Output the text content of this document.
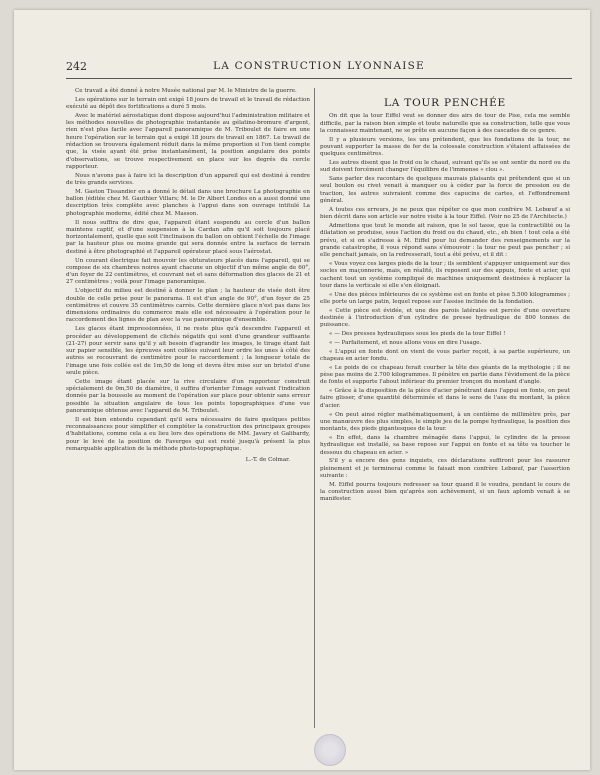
242	LA CONSTRUCTION LYONNAISE

Ce travail a été donné à notre Musée national par M. le Ministre de la guerre.

Les opérations sur le terrain ont exigé 18 jours de travail et le travail de rédaction exécuté au dépôt des fortifications a duré 5 mois.

Avec le matériel aérostatique dont dispose aujourd'hui l'administration militaire et les méthodes nouvelles de photographie instantanée au gélatino-bromure d'argent, rien n'est plus facile avec l'appareil panoramique de M. Triboulet de faire en une heure l'opération sur le terrain qui a exigé 18 jours de travail en 1867. Le travail de rédaction se trouvera également réduit dans la même proportion si l'on tient compte que, la visée ayant été prise instantanément, la position angulaire des points d'observations, se trouve respectivement en place sur les degrés du cercle rapporteur.

Nous n'avons pas à faire ici la description d'un appareil qui est destiné à rendre de très grands services.

M. Gaston Tissandier en a donné le détail dans une brochure La photographie en ballon (éditée chez M. Gauthier Villars; M. le Dr Albert Londes en a aussi donné une description très complète avec planches à l'appui dans son ouvrage intitulé La photographie moderne, édité chez M. Masson.

Il nous suffira de dire que, l'appareil étant suspendu au cercle d'un ballon maintenu captif, et d'une suspension à la Cardan afin qu'il soit toujours placé horizontalement, quelle que soit l'inclinaison du ballon on obtient l'échelle de l'image par la hauteur plus ou moins grande qui sera donnée entre la surface de terrain destiné à être photographié et l'appareil opérateur placé sous l'aérostat.

Un courant électrique fait mouvoir les obturateurs placés dans l'appareil, qui se compose de six chambres noires ayant chacune un objectif d'un même angle de 60°, d'un foyer de 22 centimètres, et couvrant net et sans déformation des glaces de 21 et 27 centimètres ; voilà pour l'image panoramique.

L'objectif du milieu est destiné à donner le plan ; la hauteur de visée doit être double de celle prise pour le panorama. Il est d'un angle de 90°, d'un foyer de 25 centimètres et couvre 35 centimètres carrés. Cette dernière glace n'est pas dans les dimensions ordinaires du commerce mais elle est nécessaire à l'opération pour le raccordement des lignes de plan avec la vue panoramique d'ensemble.

Les glaces étant impressionnées, il ne reste plus qu'à descendre l'appareil et procéder au développement de clichés négatifs qui sont d'une grandeur suffisante (21-27) pour servir sans qu'il y ait besoin d'agrandir les images, le tirage étant fait sur papier sensible, les épreuves sont collées suivant leur ordre les unes à côté des autres se recouvrant de centimètre pour le raccordement ; la longueur totale de l'image une fois collée est de 1m,50 de long et devra être mise sur un bristol d'une seule pièce.

Cette image étant placée sur la rive circulaire d'un rapporteur construit spécialement de 0m,50 de diamètre, il suffira d'orienter l'image suivant l'indication donnée par la boussole au moment de l'opération sur place pour obtenir sans erreur possible la situation angulaire de tous les points topographiques d'une vue panoramique obtenue avec l'appareil de M. Triboulet.

Il est bien entendu cependant qu'il sera nécessaire de faire quelques petites reconnaissances pour simplifier et compléter la construction des principaux groupes d'habitations, comme cela a eu lieu lors des opérations de MM. Javary et Galibardy, pour le levé de la position de Faverges qui est resté jusqu'à présent la plus remarquable application de la méthode photo-topographique.

L.-T. de Colmar.

LA TOUR PENCHÉE

On dit que la tour Eiffel veut se donner des airs de tour de Pise, cela me semble difficile, par la raison bien simple et toute naturelle que sa construction, telle que vous la connaissez maintenant, ne se prête en aucune façon à des cascades de ce genre.

Il y a plusieurs versions, les uns prétendent, que les fondations de la tour, ne pouvant supporter la masse de fer de la colossale construction s'étaient affaissées de quelques centimètres.

Les autres disent que le froid ou le chaud, suivant qu'ils se ont sentir du nord ou du sud doivent forcément changer l'équilibre de l'immense « clou ».

Sans parler des racontars de quelques mauvais plaisants qui prétendent que si un seul boulon ou rivet venait à manquer ou à céder par la force de pression ou de traction, les autres suivraient comme des capucins de cartes, et l'effondrement général.

A toutes ces erreurs, je ne peux que répéter ce que mon confrère M. Lebœuf a si bien décrit dans son article sur notre visite à la tour Eiffel. (Voir no 25 de l'Architecte.)

Admettons que tout le monde ait raison, que le sol tasse, que la contractilité ou la dilatation se produise, sous l'action du froid ou du chaud, etc., eh bien ! tout cela a été prévu, et si on s'adresse à M. Eiffel pour lui demander des renseignements sur la grande catastrophe, il vous répond sans s'émouvoir : la tour ne peut pas pencher ; si elle penchait jamais, on la redresserait, tout a été prévu, et il dit :

« Vous voyez ces larges pieds de la tour ; ils semblent s'appuyer uniquement sur des socles en maçonnerie, mais, en réalité, ils reposent sur des appuis, fonte et acier, qui cachent tout un système compliqué de machines uniquement destinées à replacer la tour dans la verticale si elle s'en éloignait.

« Une des pièces inférieures de ce système est en fonte et pèse 5.500 kilogrammes ; elle porte un large patin, lequel repose sur l'assise inclinée de la fondation.

« Cette pièce est évidée, et une des parois latérales est percée d'une ouverture destinée à l'introduction d'un cylindre de presse hydraulique de 800 tonnes de puissance.

« — Des presses hydrauliques sous les pieds de la tour Eiffel !

« — Parfaitement, et nous allons vous en dire l'usage.

« L'appui en fonte dont on vient de vous parler reçoit, à sa partie supérieure, un chapeau en acier fondu.

« Le poids de ce chapeau ferait courber la tête des géants de la mythologie ; il ne pèse pas moins de 2.700 kilogrammes. Il pénètre en partie dans l'évidement de la pièce de fonte et supporte l'about inférieur du premier tronçon du montant d'angle.

« Grâce à la disposition de la pièce d'acier pénétrant dans l'appui en fonte, on peut faire glisser, d'une quantité déterminée et dans le sens de l'axe du montant, la pièce d'acier.

« On peut ainsi régler mathématiquement, à un centième de millimètre près, par une manœuvre des plus simples, le simple jeu de la pompe hydraulique, la position des montants, des pieds gigantesques de la tour.

« En effet, dans la chambre ménagée dans l'appui, le cylindre de la presse hydraulique est installé, sa base repose sur l'appui en fonte et sa tête va toucher le dessous du chapeau en acier. »

S'il y a encore des gens inquiets, ces déclarations suffiront pour les rassurer pleinement et je terminerai comme le faisait mon confrère Lebœuf, par l'assertion suivante :

M. Eiffel pourra toujours redresser sa tour quand il le voudra, pendant le cours de la construction aussi bien qu'après son achèvement, si un faux aplomb venait à se manifester.
